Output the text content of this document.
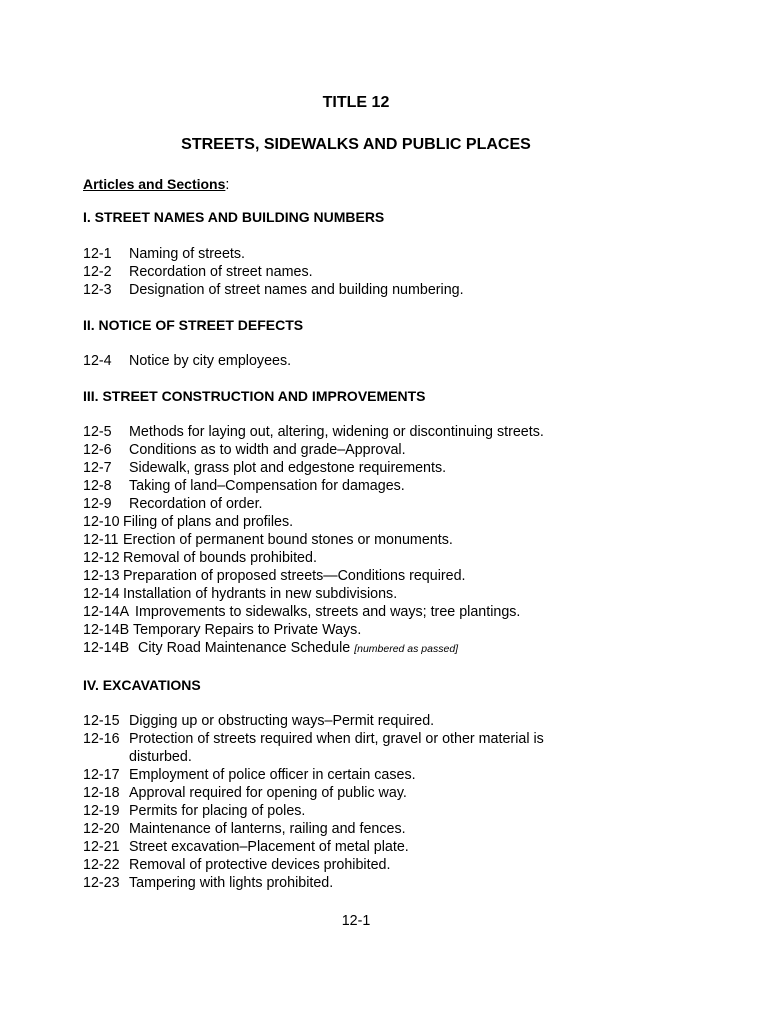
TITLE 12
STREETS, SIDEWALKS AND PUBLIC PLACES
Articles and Sections:
I. STREET NAMES AND BUILDING NUMBERS
12-1 Naming of streets.
12-2 Recordation of street names.
12-3 Designation of street names and building numbering.
II. NOTICE OF STREET DEFECTS
12-4 Notice by city employees.
III. STREET CONSTRUCTION AND IMPROVEMENTS
12-5 Methods for laying out, altering, widening or discontinuing streets.
12-6 Conditions as to width and grade–Approval.
12-7 Sidewalk, grass plot and edgestone requirements.
12-8 Taking of land–Compensation for damages.
12-9 Recordation of order.
12-10 Filing of plans and profiles.
12-11 Erection of permanent bound stones or monuments.
12-12 Removal of bounds prohibited.
12-13 Preparation of proposed streets—Conditions required.
12-14 Installation of hydrants in new subdivisions.
12-14A Improvements to sidewalks, streets and ways; tree plantings.
12-14B Temporary Repairs to Private Ways.
12-14B City Road Maintenance Schedule [numbered as passed]
IV. EXCAVATIONS
12-15 Digging up or obstructing ways–Permit required.
12-16 Protection of streets required when dirt, gravel or other material is
disturbed.
12-17 Employment of police officer in certain cases.
12-18 Approval required for opening of public way.
12-19 Permits for placing of poles.
12-20 Maintenance of lanterns, railing and fences.
12-21 Street excavation–Placement of metal plate.
12-22 Removal of protective devices prohibited.
12-23 Tampering with lights prohibited.
12-1
